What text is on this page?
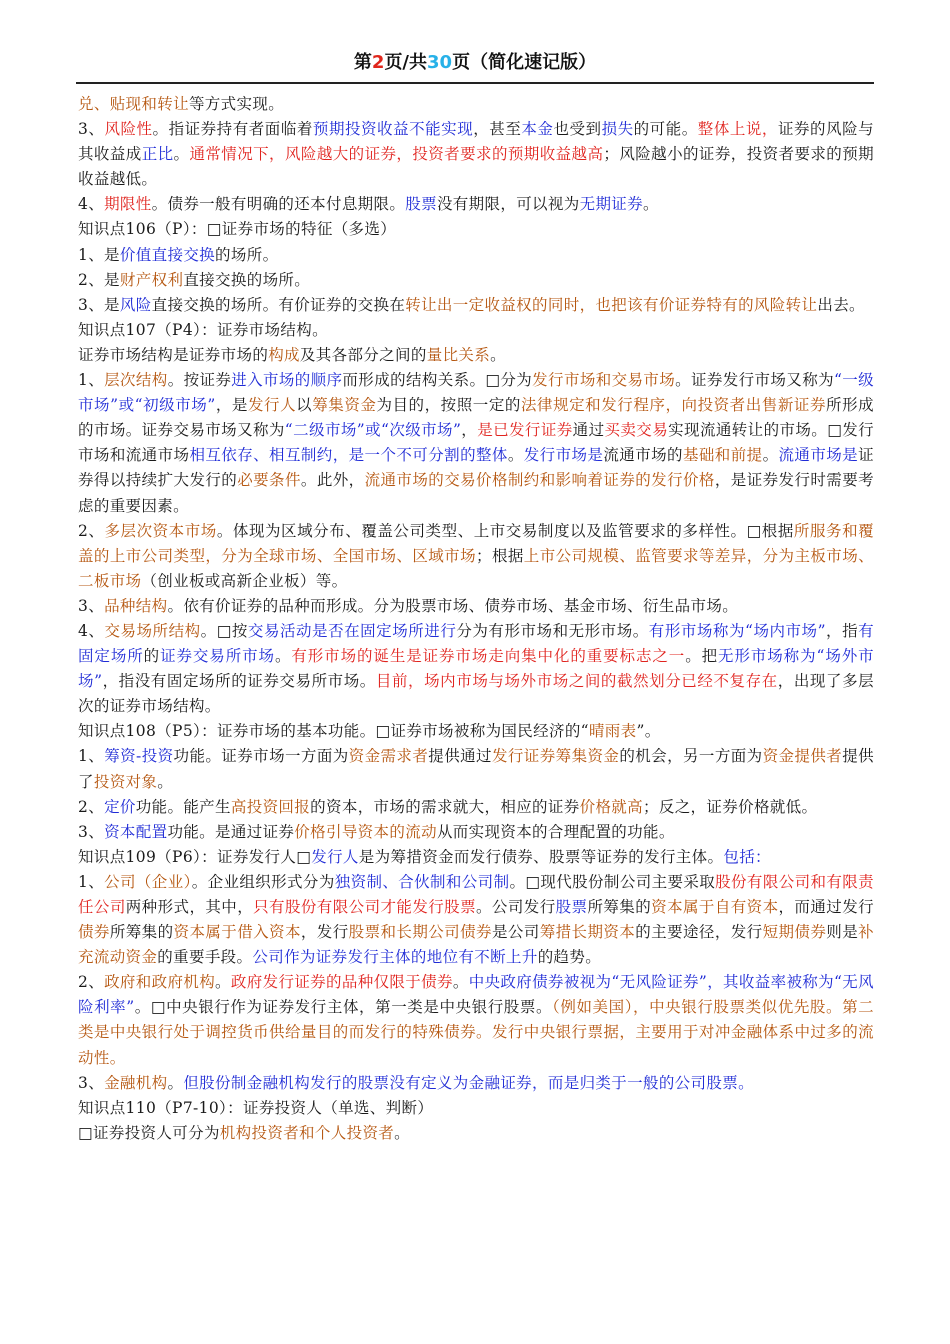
第2页/共30页（简化速记版）

兑、贴现和转让等方式实现。

3、风险性。指证券持有者面临着预期投资收益不能实现，甚至本金也受到损失的可能。整体上说，证券的风险与其收益成正比。通常情况下，风险越大的证券，投资者要求的预期收益越高；风险越小的证券，投资者要求的预期收益越低。

4、期限性。债券一般有明确的还本付息期限。股票没有期限，可以视为无期证券。

知识点106（P）：□证券市场的特征（多选）

1、是价值直接交换的场所。

2、是财产权利直接交换的场所。

3、是风险直接交换的场所。有价证券的交换在转让出一定收益权的同时，也把该有价证券特有的风险转让出去。

知识点107（P4）：证券市场结构。

证券市场结构是证券市场的构成及其各部分之间的量比关系。

1、层次结构。按证券进入市场的顺序而形成的结构关系。□分为发行市场和交易市场。证券发行市场又称为“一级市场”或“初级市场”，是发行人以筹集资金为目的，按照一定的法律规定和发行程序，向投资者出售新证券所形成的市场。证券交易市场又称为“二级市场”或“次级市场”，是已发行证券通过买卖交易实现流通转让的市场。□发行市场和流通市场相互依存、相互制约，是一个不可分割的整体。发行市场是流通市场的基础和前提。流通市场是证券得以持续扩大发行的必要条件。此外，流通市场的交易价格制约和影响着证券的发行价格，是证券发行时需要考虑的重要因素。

2、多层次资本市场。体现为区域分布、覆盖公司类型、上市交易制度以及监管要求的多样性。□根据所服务和覆盖的上市公司类型，分为全球市场、全国市场、区域市场；根据上市公司规模、监管要求等差异，分为主板市场、二板市场（创业板或高新企业板）等。

3、品种结构。依有价证券的品种而形成。分为股票市场、债券市场、基金市场、衍生品市场。

4、交易场所结构。□按交易活动是否在固定场所进行分为有形市场和无形市场。有形市场称为“场内市场”，指有固定场所的证券交易所市场。有形市场的诞生是证券市场走向集中化的重要标志之一。把无形市场称为“场外市场”，指没有固定场所的证券交易所市场。目前，场内市场与场外市场之间的截然划分已经不复存在，出现了多层次的证券市场结构。

知识点108（P5）：证券市场的基本功能。□证券市场被称为国民经济的“晴雨表”。

1、筹资-投资功能。证券市场一方面为资金需求者提供通过发行证券筹集资金的机会，另一方面为资金提供者提供了投资对象。

2、定价功能。能产生高投资回报的资本，市场的需求就大，相应的证券价格就高；反之，证券价格就低。

3、资本配置功能。是通过证券价格引导资本的流动从而实现资本的合理配置的功能。

知识点109（P6）：证券发行人□发行人是为筹措资金而发行债券、股票等证券的发行主体。包括：

1、公司（企业）。企业组织形式分为独资制、合伙制和公司制。□现代股份制公司主要采取股份有限公司和有限责任公司两种形式，其中，只有股份有限公司才能发行股票。公司发行股票所筹集的资本属于自有资本，而通过发行债券所筹集的资本属于借入资本，发行股票和长期公司债券是公司筹措长期资本的主要途径，发行短期债券则是补充流动资金的重要手段。公司作为证券发行主体的地位有不断上升的趋势。

2、政府和政府机构。政府发行证券的品种仅限于债券。中央政府债券被视为“无风险证券”，其收益率被称为“无风险利率”。□中央银行作为证券发行主体，第一类是中央银行股票。（例如美国），中央银行股票类似优先股。第二类是中央银行处于调控货币供给量目的而发行的特殊债券。发行中央银行票据，主要用于对冲金融体系中过多的流动性。

3、金融机构。但股份制金融机构发行的股票没有定义为金融证券，而是归类于一般的公司股票。

知识点110（P7-10）：证券投资人（单选、判断）

□证券投资人可分为机构投资者和个人投资者。
